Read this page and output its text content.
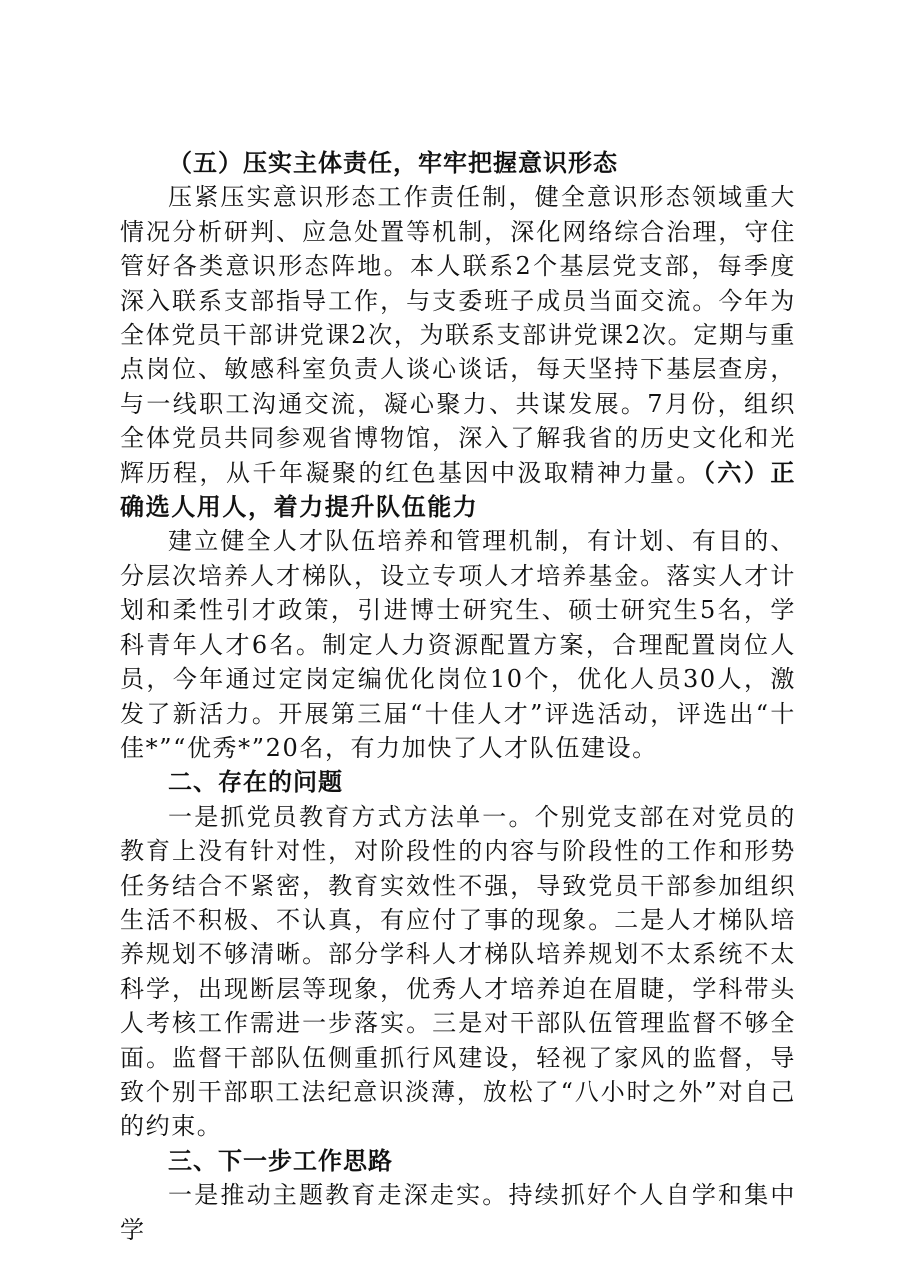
（五）压实主体责任，牢牢把握意识形态

压紧压实意识形态工作责任制，健全意识形态领域重大情况分析研判、应急处置等机制，深化网络综合治理，守住管好各类意识形态阵地。本人联系2个基层党支部，每季度深入联系支部指导工作，与支委班子成员当面交流。今年为全体党员干部讲党课2次，为联系支部讲党课2次。定期与重点岗位、敏感科室负责人谈心谈话，每天坚持下基层查房，与一线职工沟通交流，凝心聚力、共谋发展。7月份，组织全体党员共同参观省博物馆，深入了解我省的历史文化和光辉历程，从千年凝聚的红色基因中汲取精神力量。（六）正确选人用人，着力提升队伍能力

建立健全人才队伍培养和管理机制，有计划、有目的、分层次培养人才梯队，设立专项人才培养基金。落实人才计划和柔性引才政策，引进博士研究生、硕士研究生5名，学科青年人才6名。制定人力资源配置方案，合理配置岗位人员，今年通过定岗定编优化岗位10个，优化人员30人，激发了新活力。开展第三届“十佳人才”评选活动，评选出“十佳*”“优秀*”20名，有力加快了人才队伍建设。

二、存在的问题

一是抓党员教育方式方法单一。个别党支部在对党员的教育上没有针对性，对阶段性的内容与阶段性的工作和形势任务结合不紧密，教育实效性不强，导致党员干部参加组织生活不积极、不认真，有应付了事的现象。二是人才梯队培养规划不够清晰。部分学科人才梯队培养规划不太系统不太科学，出现断层等现象，优秀人才培养迫在眉睫，学科带头人考核工作需进一步落实。三是对干部队伍管理监督不够全面。监督干部队伍侧重抓行风建设，轻视了家风的监督，导致个别干部职工法纪意识淡薄，放松了“八小时之外”对自己的约束。

三、下一步工作思路

一是推动主题教育走深走实。持续抓好个人自学和集中学
